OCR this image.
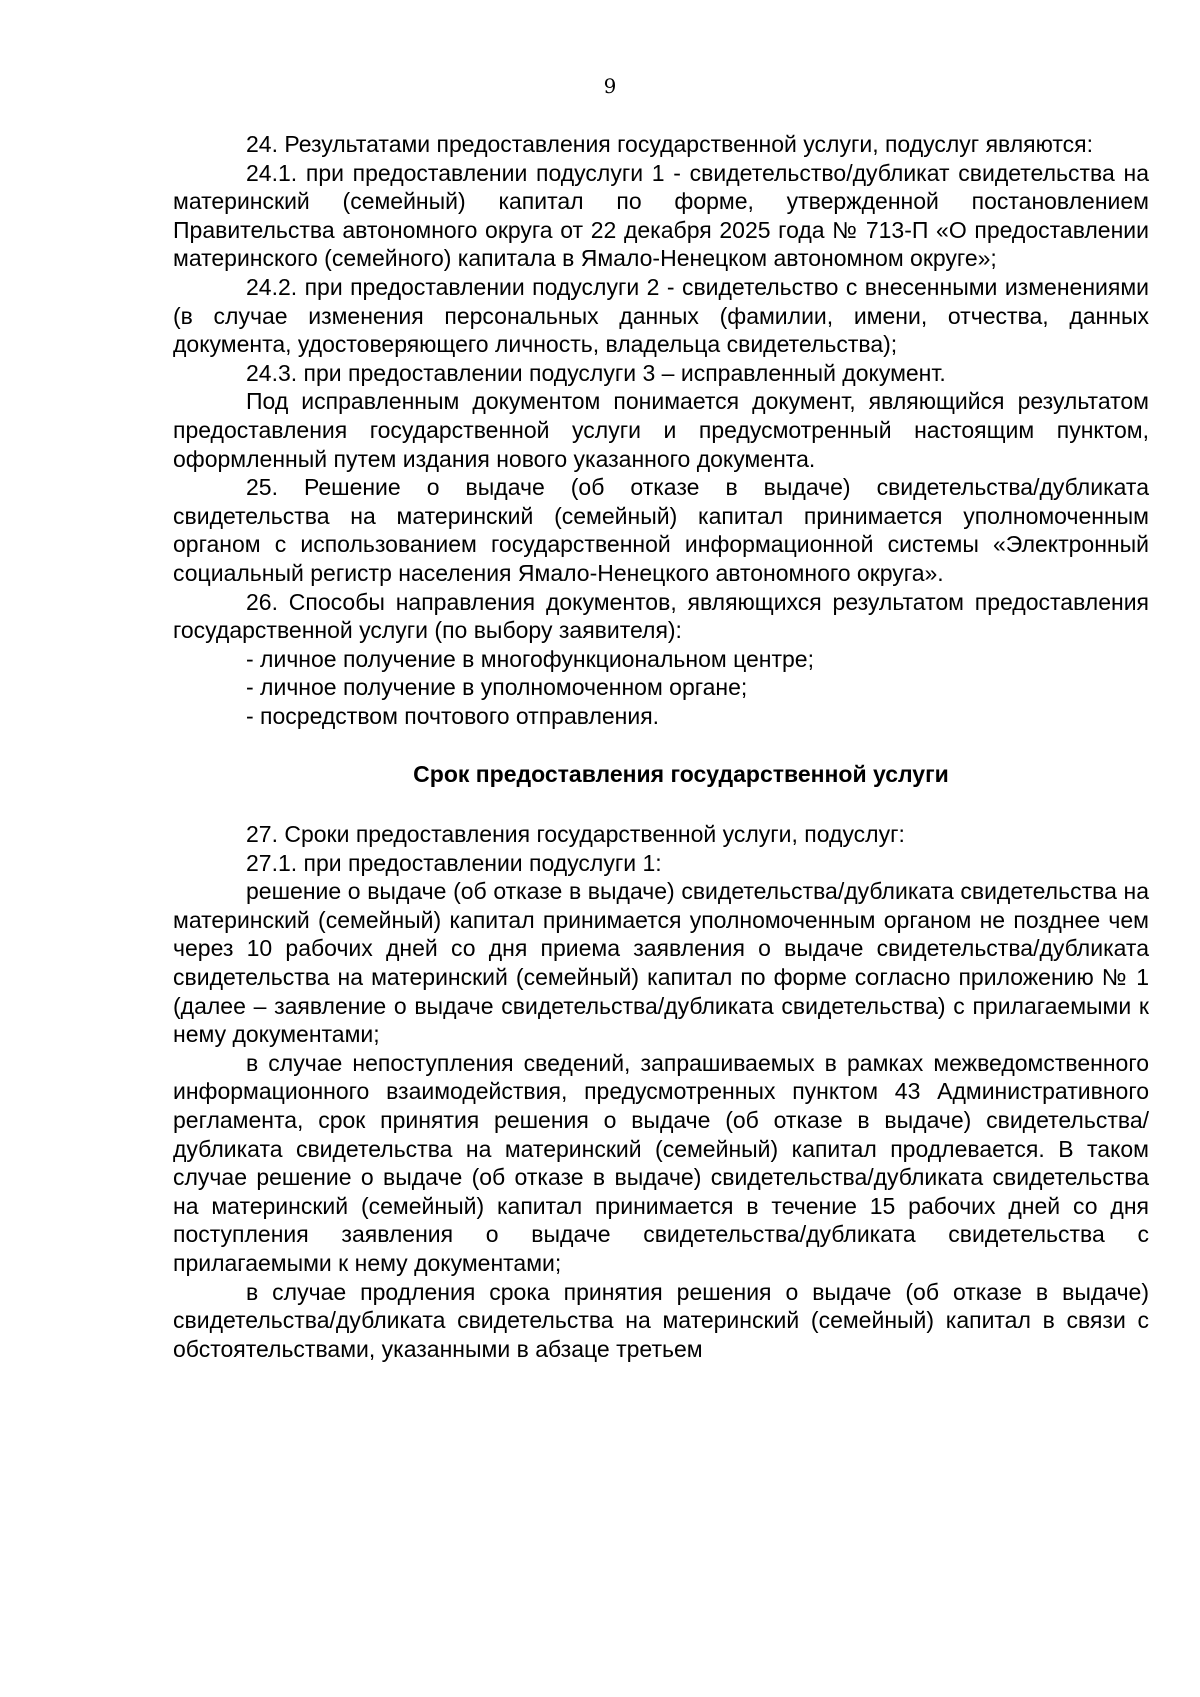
9

24. Результатами предоставления государственной услуги, подуслуг являются:

24.1. при предоставлении подуслуги 1 - свидетельство/дубликат свидетельства на материнский (семейный) капитал по форме, утвержденной постановлением Правительства автономного округа от 22 декабря 2025 года № 713-П «О предоставлении материнского (семейного) капитала в Ямало-Ненецком автономном округе»;

24.2. при предоставлении подуслуги 2 - свидетельство с внесенными изменениями (в случае изменения персональных данных (фамилии, имени, отчества, данных документа, удостоверяющего личность, владельца свидетельства);

24.3. при предоставлении подуслуги 3 – исправленный документ.

Под исправленным документом понимается документ, являющийся результатом предоставления государственной услуги и предусмотренный настоящим пунктом, оформленный путем издания нового указанного документа.

25. Решение о выдаче (об отказе в выдаче) свидетельства/дубликата свидетельства на материнский (семейный) капитал принимается уполномоченным органом с использованием государственной информационной системы «Электронный социальный регистр населения Ямало-Ненецкого автономного округа».

26. Способы направления документов, являющихся результатом предоставления государственной услуги (по выбору заявителя):

- личное получение в многофункциональном центре;

- личное получение в уполномоченном органе;

- посредством почтового отправления.

Срок предоставления государственной услуги

27. Сроки предоставления государственной услуги, подуслуг:

27.1. при предоставлении подуслуги 1:

решение о выдаче (об отказе в выдаче) свидетельства/дубликата свидетельства на материнский (семейный) капитал принимается уполномоченным органом не позднее чем через 10 рабочих дней со дня приема заявления о выдаче свидетельства/дубликата свидетельства на материнский (семейный) капитал по форме согласно приложению № 1 (далее – заявление о выдаче свидетельства/дубликата свидетельства) с прилагаемыми к нему документами;

в случае непоступления сведений, запрашиваемых в рамках межведомственного информационного взаимодействия, предусмотренных пунктом 43 Административного регламента, срок принятия решения о выдаче (об отказе в выдаче) свидетельства/дубликата свидетельства на материнский (семейный) капитал продлевается. В таком случае решение о выдаче (об отказе в выдаче) свидетельства/дубликата свидетельства на материнский (семейный) капитал принимается в течение 15 рабочих дней со дня поступления заявления о выдаче свидетельства/дубликата свидетельства с прилагаемыми к нему документами;

в случае продления срока принятия решения о выдаче (об отказе в выдаче) свидетельства/дубликата свидетельства на материнский (семейный) капитал в связи с обстоятельствами, указанными в абзаце третьем
